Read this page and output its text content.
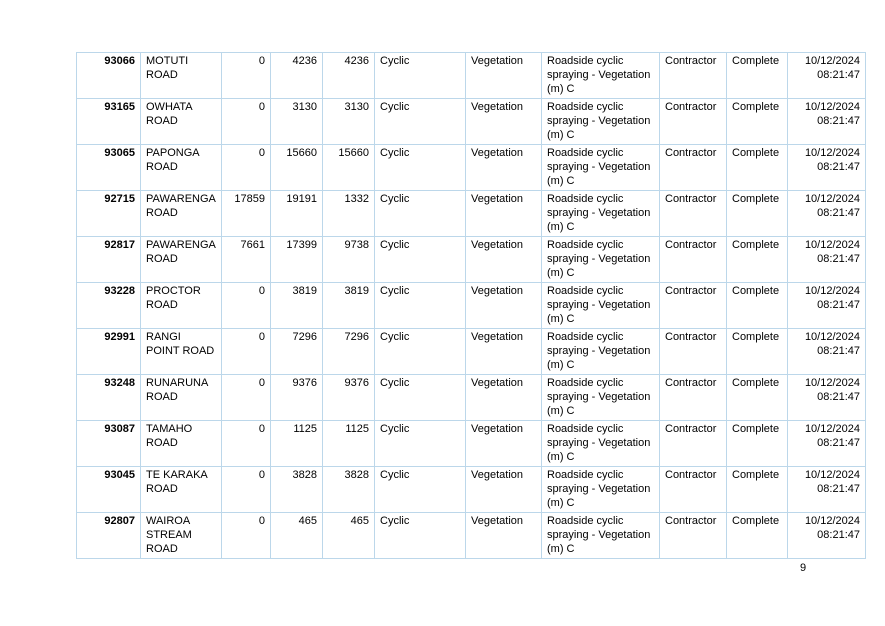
93066	MOTUTI ROAD	0	4236	4236	Cyclic	Vegetation	Roadside cyclic spraying - Vegetation (m) C	Contractor	Complete	10/12/2024 08:21:47
93165	OWHATA ROAD	0	3130	3130	Cyclic	Vegetation	Roadside cyclic spraying - Vegetation (m) C	Contractor	Complete	10/12/2024 08:21:47
93065	PAPONGA ROAD	0	15660	15660	Cyclic	Vegetation	Roadside cyclic spraying - Vegetation (m) C	Contractor	Complete	10/12/2024 08:21:47
92715	PAWARENGA ROAD	17859	19191	1332	Cyclic	Vegetation	Roadside cyclic spraying - Vegetation (m) C	Contractor	Complete	10/12/2024 08:21:47
92817	PAWARENGA ROAD	7661	17399	9738	Cyclic	Vegetation	Roadside cyclic spraying - Vegetation (m) C	Contractor	Complete	10/12/2024 08:21:47
93228	PROCTOR ROAD	0	3819	3819	Cyclic	Vegetation	Roadside cyclic spraying - Vegetation (m) C	Contractor	Complete	10/12/2024 08:21:47
92991	RANGI POINT ROAD	0	7296	7296	Cyclic	Vegetation	Roadside cyclic spraying - Vegetation (m) C	Contractor	Complete	10/12/2024 08:21:47
93248	RUNARUNA ROAD	0	9376	9376	Cyclic	Vegetation	Roadside cyclic spraying - Vegetation (m) C	Contractor	Complete	10/12/2024 08:21:47
93087	TAMAHO ROAD	0	1125	1125	Cyclic	Vegetation	Roadside cyclic spraying - Vegetation (m) C	Contractor	Complete	10/12/2024 08:21:47
93045	TE KARAKA ROAD	0	3828	3828	Cyclic	Vegetation	Roadside cyclic spraying - Vegetation (m) C	Contractor	Complete	10/12/2024 08:21:47
92807	WAIROA STREAM ROAD	0	465	465	Cyclic	Vegetation	Roadside cyclic spraying - Vegetation (m) C	Contractor	Complete	10/12/2024 08:21:47
9
